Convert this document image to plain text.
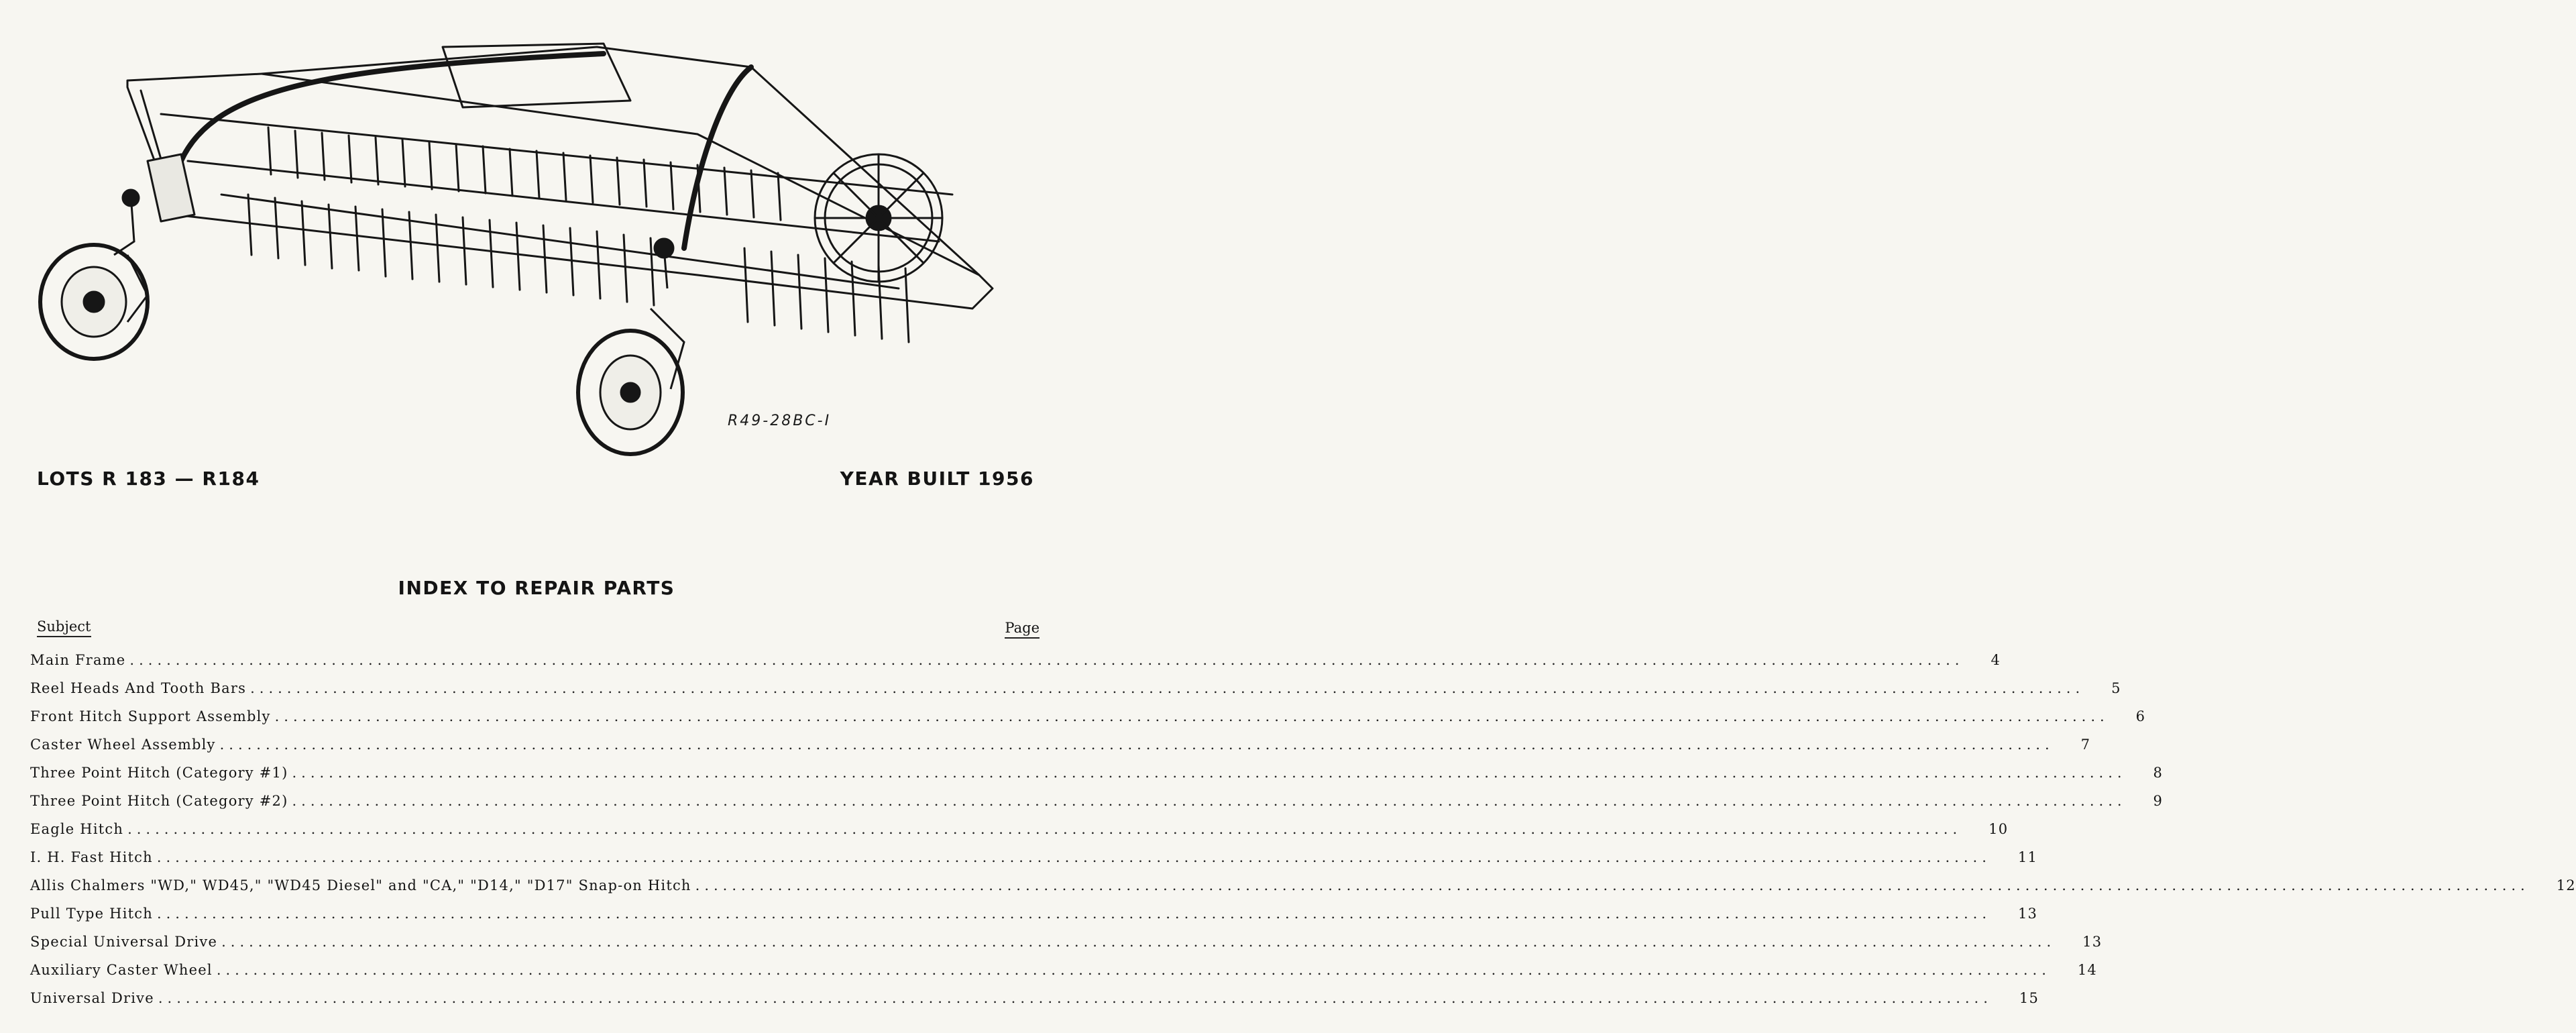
R49-28BC-I
LOTS R 183 — R184	YEAR BUILT 1956
INDEX TO REPAIR PARTS
Subject	Page
Main Frame ........................................................................................................................................................................................................ 4
Reel Heads And Tooth Bars ........................................................................................................................................................................................................ 5
Front Hitch Support Assembly ........................................................................................................................................................................................................ 6
Caster Wheel Assembly ........................................................................................................................................................................................................ 7
Three Point Hitch (Category #1) ........................................................................................................................................................................................................ 8
Three Point Hitch (Category #2) ........................................................................................................................................................................................................ 9
Eagle Hitch ........................................................................................................................................................................................................ 10
I. H. Fast Hitch ........................................................................................................................................................................................................ 11
Allis Chalmers "WD," WD45," "WD45 Diesel" and "CA," "D14," "D17" Snap-on Hitch ........................................................................................................................................................................................................ 12
Pull Type Hitch ........................................................................................................................................................................................................ 13
Special Universal Drive ........................................................................................................................................................................................................ 13
Auxiliary Caster Wheel ........................................................................................................................................................................................................ 14
Universal Drive ........................................................................................................................................................................................................ 15
